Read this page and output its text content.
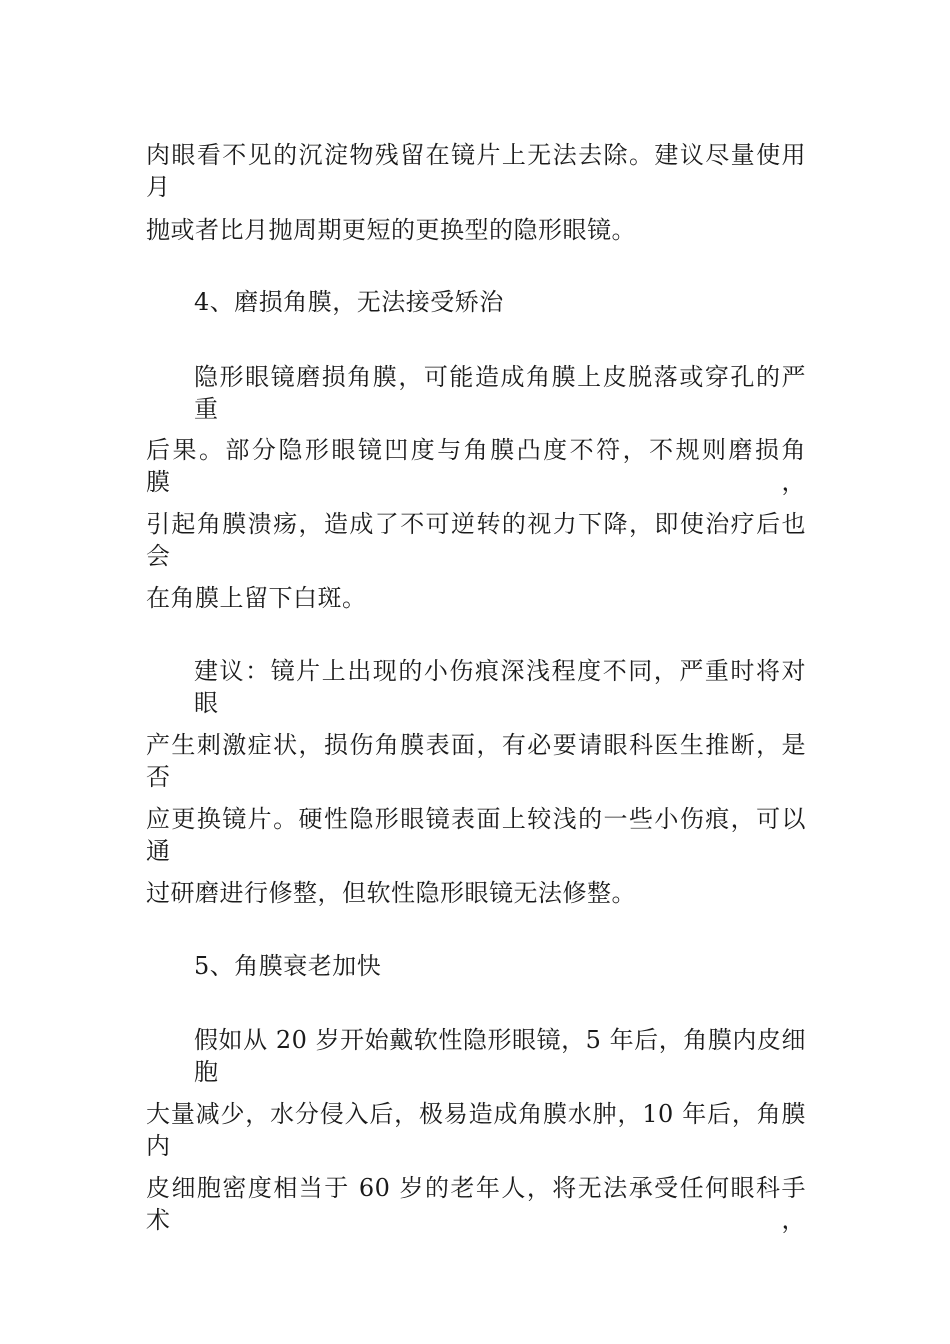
肉眼看不见的沉淀物残留在镜片上无法去除。建议尽量使用月
抛或者比月抛周期更短的更换型的隐形眼镜。
4、磨损角膜，无法接受矫治
隐形眼镜磨损角膜，可能造成角膜上皮脱落或穿孔的严重
后果。部分隐形眼镜凹度与角膜凸度不符，不规则磨损角膜，
引起角膜溃疡，造成了不可逆转的视力下降，即使治疗后也会
在角膜上留下白斑。
建议：镜片上出现的小伤痕深浅程度不同，严重时将对眼
产生刺激症状，损伤角膜表面，有必要请眼科医生推断，是否
应更换镜片。硬性隐形眼镜表面上较浅的一些小伤痕，可以通
过研磨进行修整，但软性隐形眼镜无法修整。
5、角膜衰老加快
假如从 20 岁开始戴软性隐形眼镜，5 年后，角膜内皮细胞
大量减少，水分侵入后，极易造成角膜水肿，10 年后，角膜内
皮细胞密度相当于 60 岁的老年人，将无法承受任何眼科手术，
